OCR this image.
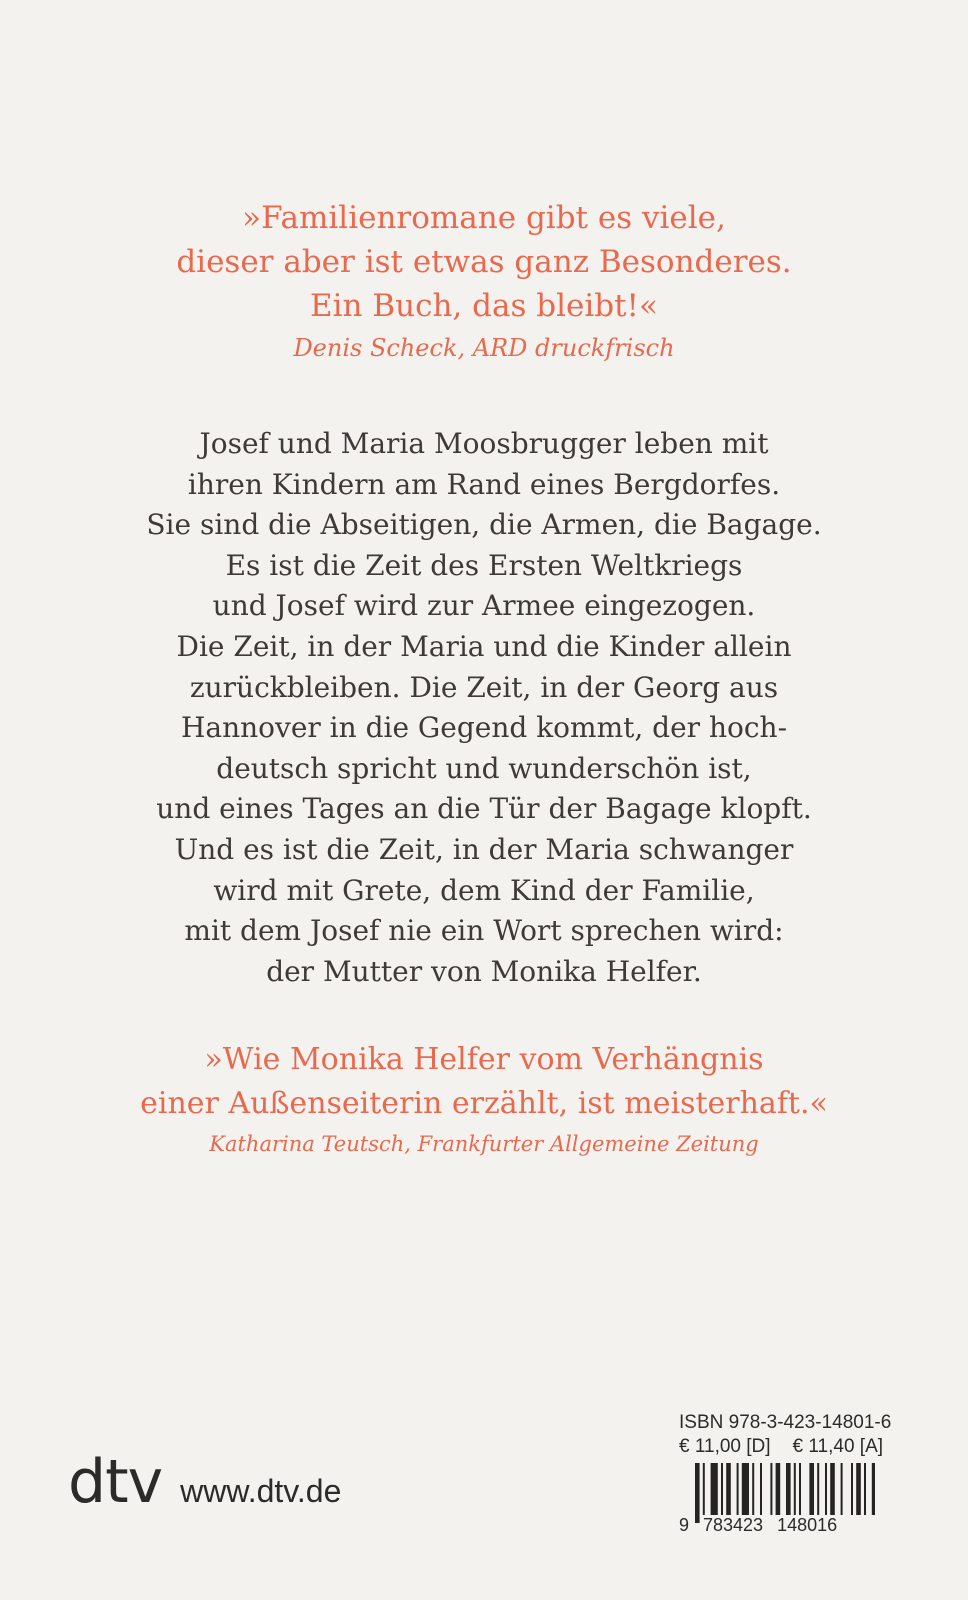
»Familienromane gibt es viele,
dieser aber ist etwas ganz Besonderes.
Ein Buch, das bleibt!«
Denis Scheck, ARD druckfrisch
Josef und Maria Moosbrugger leben mit
ihren Kindern am Rand eines Bergdorfes.
Sie sind die Abseitigen, die Armen, die Bagage.
Es ist die Zeit des Ersten Weltkriegs
und Josef wird zur Armee eingezogen.
Die Zeit, in der Maria und die Kinder allein
zurückbleiben. Die Zeit, in der Georg aus
Hannover in die Gegend kommt, der hoch-
deutsch spricht und wunderschön ist,
und eines Tages an die Tür der Bagage klopft.
Und es ist die Zeit, in der Maria schwanger
wird mit Grete, dem Kind der Familie,
mit dem Josef nie ein Wort sprechen wird:
der Mutter von Monika Helfer.
»Wie Monika Helfer vom Verhängnis
einer Außenseiterin erzählt, ist meisterhaft.«
Katharina Teutsch, Frankfurter Allgemeine Zeitung
dtv www.dtv.de
ISBN 978-3-423-14801-6
€ 11,00 [D] € 11,40 [A]
9 783423 148016
